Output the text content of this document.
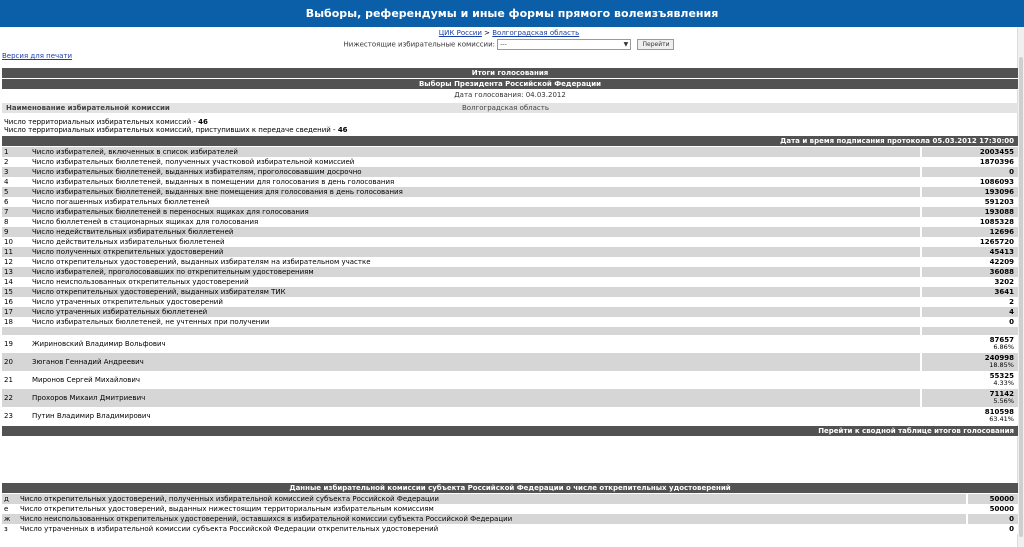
Выборы, референдумы и иные формы прямого волеизъявления
ЦИК России > Волгоградская область
Нижестоящие избирательные комиссии: ---	▼ Перейти
Версия для печати
Итоги голосования
Выборы Президента Российской Федерации
Дата голосования: 04.03.2012
Наименование избирательной комиссии	Волгоградская область
Число территориальных избирательных комиссий - 46
Число территориальных избирательных комиссий, приступивших к передаче сведений - 46
Дата и время подписания протокола 05.03.2012 17:30:00
1	Число избирателей, включенных в список избирателей		2003455
2	Число избирательных бюллетеней, полученных участковой избирательной комиссией		1870396
3	Число избирательных бюллетеней, выданных избирателям, проголосовавшим досрочно		0
4	Число избирательных бюллетеней, выданных в помещении для голосования в день голосования		1086093
5	Число избирательных бюллетеней, выданных вне помещения для голосования в день голосования		193096
6	Число погашенных избирательных бюллетеней		591203
7	Число избирательных бюллетеней в переносных ящиках для голосования		193088
8	Число бюллетеней в стационарных ящиках для голосования		1085328
9	Число недействительных избирательных бюллетеней		12696
10	Число действительных избирательных бюллетеней		1265720
11	Число полученных открепительных удостоверений		45413
12	Число открепительных удостоверений, выданных избирателям на избирательном участке		42209
13	Число избирателей, проголосовавших по открепительным удостоверениям		36088
14	Число неиспользованных открепительных удостоверений		3202
15	Число открепительных удостоверений, выданных избирателям ТИК		3641
16	Число утраченных открепительных удостоверений		2
17	Число утраченных избирательных бюллетеней		4
18	Число избирательных бюллетеней, не учтенных при получении		0

19	Жириновский Владимир Вольфович		87657
6.86%

20	Зюганов Геннадий Андреевич		240998
18.85%

21	Миронов Сергей Михайлович		55325
4.33%

22	Прохоров Михаил Дмитриевич		71142
5.56%

23	Путин Владимир Владимирович		810598
63.41%
Перейти к сводной таблице итогов голосования
Данные избирательной комиссии субъекта Российской Федерации о числе открепительных удостоверений
д	Число открепительных удостоверений, полученных избирательной комиссией субъекта Российской Федерации		50000
е	Число открепительных удостоверений, выданных нижестоящим территориальным избирательным комиссиям		50000
ж	Число неиспользованных открепительных удостоверений, оставшихся в избирательной комиссии субъекта Российской Федерации		0
з	Число утраченных в избирательной комиссии субъекта Российской Федерации открепительных удостоверений		0
